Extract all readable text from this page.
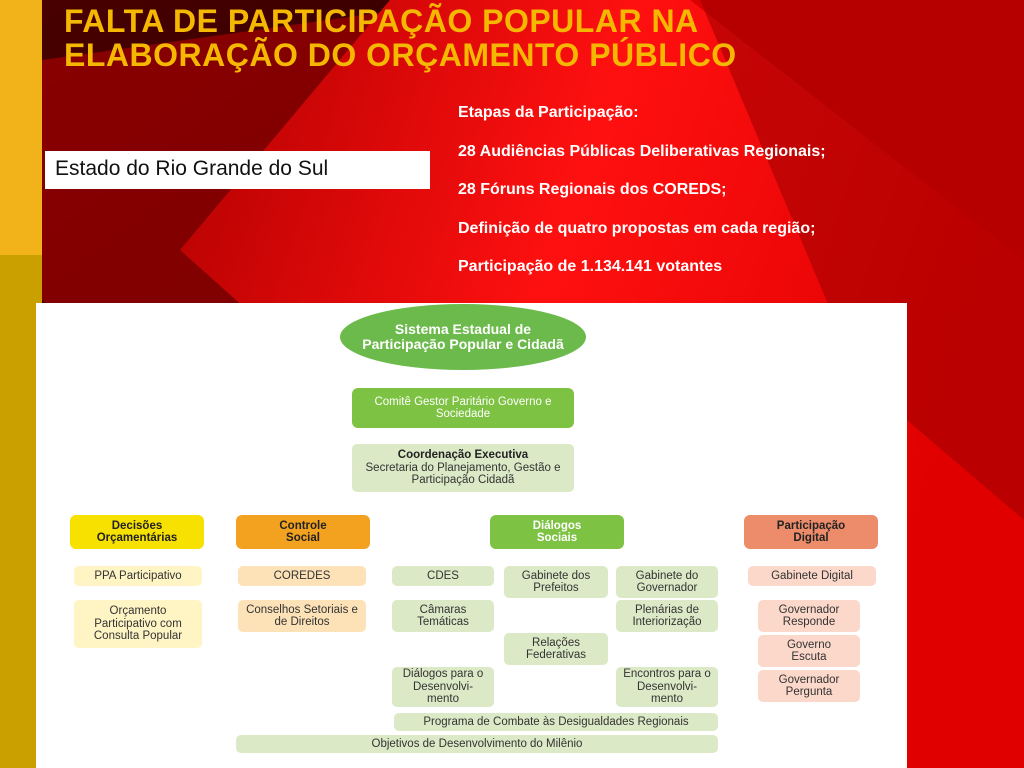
FALTA DE PARTICIPAÇÃO POPULAR NA
ELABORAÇÃO DO ORÇAMENTO PÚBLICO
Estado do Rio Grande do Sul
Etapas da Participação:
28 Audiências Públicas Deliberativas Regionais;
28 Fóruns Regionais dos COREDS;
Definição de quatro propostas em cada região;
Participação de 1.134.141 votantes
Sistema Estadual de Participação Popular e Cidadã
Comitê Gestor Paritário Governo e Sociedade
Coordenação Executiva
Secretaria do Planejamento, Gestão e Participação Cidadã
Decisões Orçamentárias
PPA Participativo
Orçamento Participativo com Consulta Popular
Controle Social
COREDES
Conselhos Setoriais e de Direitos
Diálogos Sociais
CDES	Gabinete dos Prefeitos
Gabinete do Governador
Câmaras Temáticas
Plenárias de Interiorização
Relações Federativas
Diálogos para o Desenvolvi- mento
Encontros para o Desenvolvi- mento
Participação Digital
Gabinete Digital
Governador Responde
Governo Escuta
Governador Pergunta
Programa de Combate às Desigualdades Regionais
Objetivos de Desenvolvimento do Milênio
